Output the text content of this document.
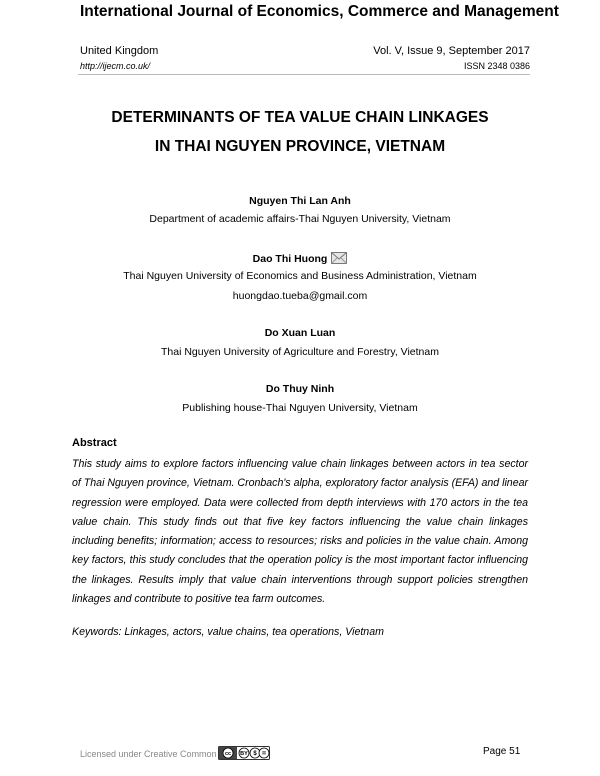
International Journal of Economics, Commerce and Management
United Kingdom	Vol. V, Issue 9, September 2017
http://ijecm.co.uk/	ISSN 2348 0386
DETERMINANTS OF TEA VALUE CHAIN LINKAGES
IN THAI NGUYEN PROVINCE, VIETNAM
Nguyen Thi Lan Anh
Department of academic affairs-Thai Nguyen University, Vietnam
Dao Thi Huong
Thai Nguyen University of Economics and Business Administration, Vietnam
huongdao.tueba@gmail.com
Do Xuan Luan
Thai Nguyen University of Agriculture and Forestry, Vietnam
Do Thuy Ninh
Publishing house-Thai Nguyen University, Vietnam
Abstract
This study aims to explore factors influencing value chain linkages between actors in tea sector of Thai Nguyen province, Vietnam. Cronbach's alpha, exploratory factor analysis (EFA) and linear regression were employed. Data were collected from depth interviews with 170 actors in the tea value chain. This study finds out that five key factors influencing the value chain linkages including benefits; information; access to resources; risks and policies in the value chain. Among key factors, this study concludes that the operation policy is the most important factor influencing the linkages. Results imply that value chain interventions through support policies strengthen linkages and contribute to positive tea farm outcomes.
Keywords: Linkages, actors, value chains, tea operations, Vietnam
Licensed under Creative Common cc BY $ =	Page 51
